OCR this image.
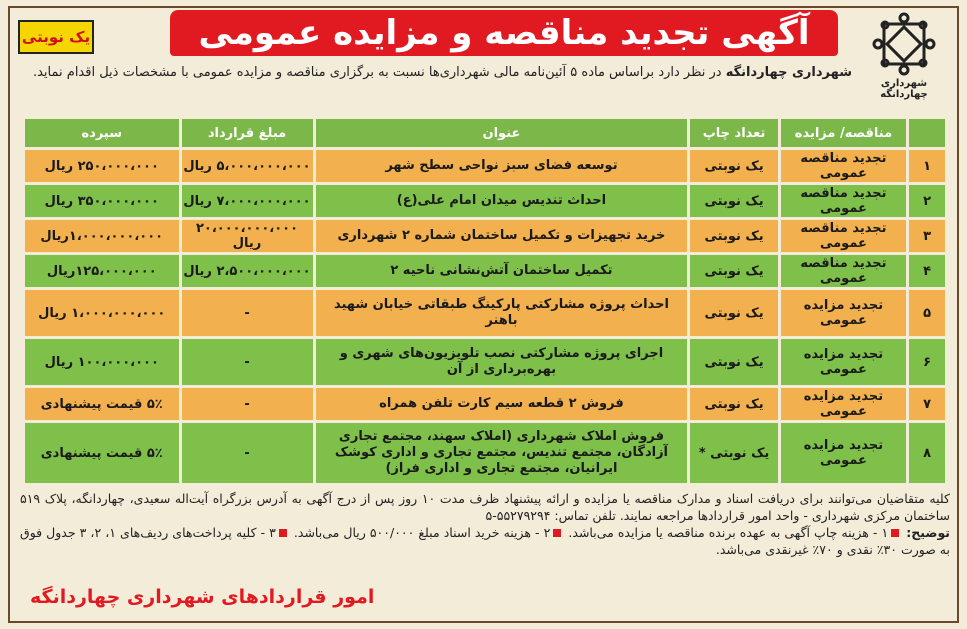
شهرداری چهاردانگه
آگهی تجدید مناقصه و مزایده عمومی
یک نوبتی
شهرداری چهاردانگه در نظر دارد براساس ماده ۵ آئین‌نامه مالی شهرداری‌ها نسبت به برگزاری مناقصه و مزایده عمومی با مشخصات ذیل اقدام نماید.
	مناقصه/ مزایده	تعداد چاپ	عنوان	مبلغ قرارداد	سپرده
۱	تجدید مناقصه عمومی	یک نوبتی	توسعه فضای سبز نواحی سطح شهر	۵،۰۰۰،۰۰۰،۰۰۰ ریال	۲۵۰،۰۰۰،۰۰۰ ریال
۲	تجدید مناقصه عمومی	یک نوبتی	احداث تندیس میدان امام علی(ع)	۷،۰۰۰،۰۰۰،۰۰۰ ریال	۳۵۰،۰۰۰،۰۰۰ ریال
۳	تجدید مناقصه عمومی	یک نوبتی	خرید تجهیزات و تکمیل ساختمان شماره ۲ شهرداری	۲۰،۰۰۰،۰۰۰،۰۰۰ ریال	۱،۰۰۰،۰۰۰،۰۰۰ریال
۴	تجدید مناقصه عمومی	یک نوبتی	تکمیل ساختمان آتش‌نشانی ناحیه ۲	۲،۵۰۰،۰۰۰،۰۰۰ ریال	۱۲۵،۰۰۰،۰۰۰ریال
۵	تجدید مزایده عمومی	یک نوبتی	احداث پروژه مشارکتی پارکینگ طبقاتی خیابان شهید باهنر	-	۱،۰۰۰،۰۰۰،۰۰۰ ریال
۶	تجدید مزایده عمومی	یک نوبتی	اجرای پروژه مشارکتی نصب تلویزیون‌های شهری و بهره‌برداری از آن	-	۱۰۰،۰۰۰،۰۰۰ ریال
۷	تجدید مزایده عمومی	یک نوبتی	فروش ۲ قطعه سیم کارت تلفن همراه	-	۵٪ قیمت پیشنهادی
۸	تجدید مزایده عمومی	یک نوبتی *	فروش املاک شهرداری (املاک سهند، مجتمع تجاری آزادگان، مجتمع تندیس، مجتمع تجاری و اداری کوشک ایرانیان، مجتمع تجاری و اداری فراز)	-	۵٪ قیمت پیشنهادی
کلیه متقاضیان می‌توانند برای دریافت اسناد و مدارک مناقصه یا مزایده و ارائه پیشنهاد ظرف مدت ۱۰ روز پس از درج آگهی به آدرس بزرگراه آیت‌اله سعیدی، چهاردانگه، پلاک ۵۱۹ ساختمان مرکزی شهرداری - واحد امور قراردادها مراجعه نمایند. تلفن تماس: ۵۵۲۷۹۲۹۴-۵
توضیح: ۱ - هزینه چاپ آگهی به عهده برنده مناقصه یا مزایده می‌باشد. ۲ - هزینه خرید اسناد مبلغ ۵۰۰/۰۰۰ ریال می‌باشد. ۳ - کلیه پرداخت‌های ردیف‌های ۱، ۲، ۳ جدول فوق به صورت ۳۰٪ نقدی و ۷۰٪ غیرنقدی می‌باشد.
امور قراردادهای شهرداری چهاردانگه
